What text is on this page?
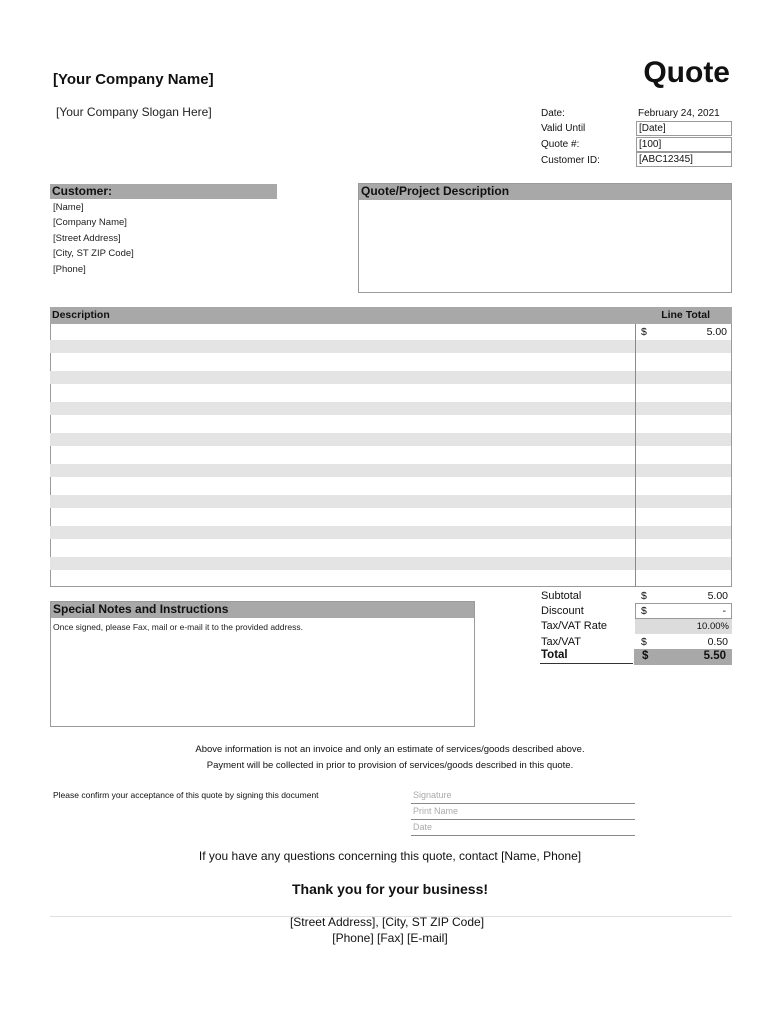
[Your Company Name]
[Your Company Slogan Here]
Quote
Date:	February 24, 2021
Valid Until	[Date]
Quote #:	[100]
Customer ID:	[ABC12345]
Customer:
[Name]
[Company Name]
[Street Address]
[City, ST ZIP Code]
[Phone]
Quote/Project Description
Description	Line Total
$	5.00
Subtotal	$	5.00
Discount	$	-
Tax/VAT Rate	10.00%
Tax/VAT	$	0.50
Total	$	5.50
Special Notes and Instructions
Once signed, please Fax, mail or e-mail it to the provided address.
Above information is not an invoice and only an estimate of services/goods described above.
Payment will be collected in prior to provision of services/goods described in this quote.
Please confirm your acceptance of this quote by signing this document	Signature
Print Name
Date
If you have any questions concerning this quote, contact [Name, Phone]
Thank you for your business!
[Street Address], [City, ST ZIP Code]
[Phone] [Fax] [E-mail]
